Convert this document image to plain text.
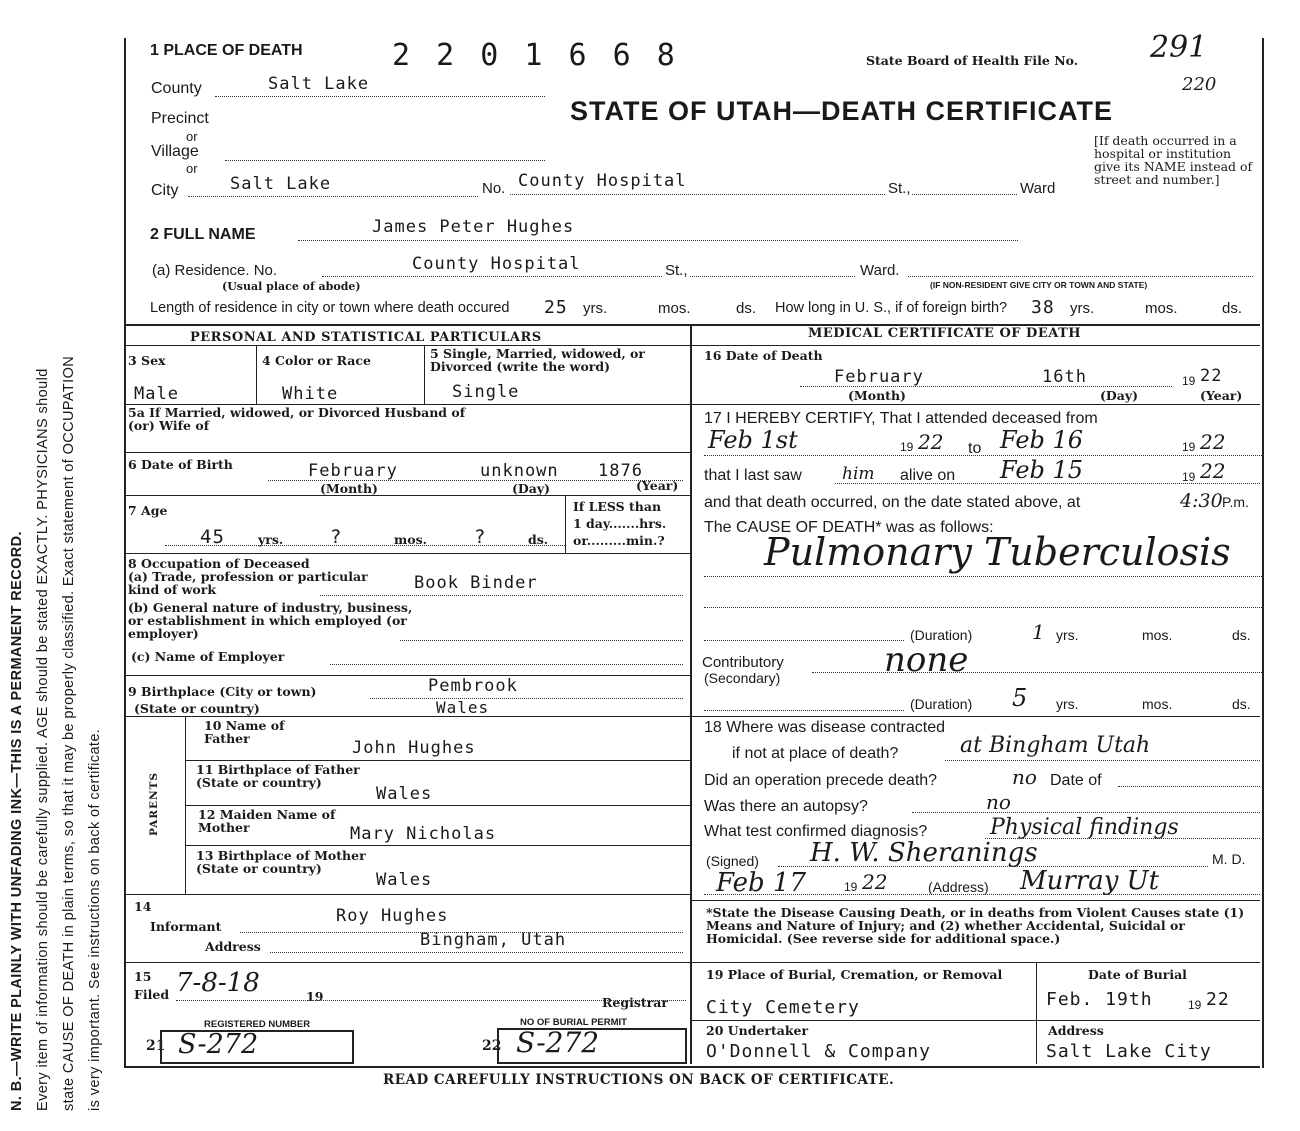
N. B.—WRITE PLAINLY WITH UNFADING INK—THIS IS A PERMANENT RECORD. Every item of information should be carefully supplied. AGE should be stated EXACTLY. PHYSICIANS should state CAUSE OF DEATH in plain terms, so that it may be properly classified. Exact statement of OCCUPATION is very important. See instructions on back of certificate.
1 PLACE OF DEATH	2 2 0 1 6 6 8	State Board of Health File No. 291
220
STATE OF UTAH—DEATH CERTIFICATE
[If death occurred in a hospital or institution give its NAME instead of street and number.]
County	Salt Lake
Precinct
or
Village
or
City	Salt Lake	No. County Hospital	St.,	Ward
2 FULL NAME	James Peter Hughes
(a) Residence. No.	County Hospital	St.,	Ward.
(Usual place of abode)	(IF NON-RESIDENT GIVE CITY OR TOWN AND STATE)
Length of residence in city or town where death occured 25 yrs.	mos.	ds. How long in U. S., if of foreign birth? 38 yrs.	mos.	ds.
PERSONAL AND STATISTICAL PARTICULARS	MEDICAL CERTIFICATE OF DEATH
3 Sex	4 Color or Race	5 Single, Married, widowed, or Divorced (write the word)
Male	White	Single
5a If Married, widowed, or Divorced Husband of (or) Wife of
6 Date of Birth	February	unknown 1876
(Month)	(Day)	(Year)
7 Age
45	yrs. ?	mos. ?	ds.
If LESS than
1 day.......hrs.
or.........min.?
8 Occupation of Deceased
(a) Trade, profession or particular kind of work	Book Binder
(b) General nature of industry, business, or establishment in which employed (or employer)
(c) Name of Employer
9 Birthplace (City or town)	Pembrook
(State or country)	Wales
PARENTS
10 Name of Father	John Hughes
11 Birthplace of Father (State or country)
Wales
12 Maiden Name of Mother	Mary Nicholas
13 Birthplace of Mother (State or country)
Wales
14
Informant
Roy Hughes
Address	Bingham, Utah
15
Filed 7-8-18	19	Registrar
REGISTERED NUMBER
21 S-272
NO OF BURIAL PERMIT
22 S-272
16 Date of Death
February	16th	19 22
(Month)	(Day)	(Year)
17 I HEREBY CERTIFY, That I attended deceased from
Feb 1st	19 22 to Feb 16	19 22
that I last saw him alive on Feb 15	19 22
and that death occurred, on the date stated above, at	4:30 P.m.
The CAUSE OF DEATH* was as follows:
Pulmonary Tuberculosis
(Duration)	1 yrs.	mos.	ds.
Contributory
(Secondary)	none
(Duration) 5 yrs.	mos.	ds.
18 Where was disease contracted
if not at place of death?	at Bingham Utah
Did an operation precede death?	no Date of
Was there an autopsy?	no
What test confirmed diagnosis?	Physical findings
(Signed) H. W. Sheranings	M. D.
Feb 17	19 22	(Address) Murray Ut
*State the Disease Causing Death, or in deaths from Violent Causes state (1) Means and Nature of Injury; and (2) whether Accidental, Suicidal or Homicidal. (See reverse side for additional space.)
19 Place of Burial, Cremation, or Removal
City Cemetery
Date of Burial
Feb. 19th	19 22
20 Undertaker
O'Donnell & Company
Address
Salt Lake City
READ CAREFULLY INSTRUCTIONS ON BACK OF CERTIFICATE.
